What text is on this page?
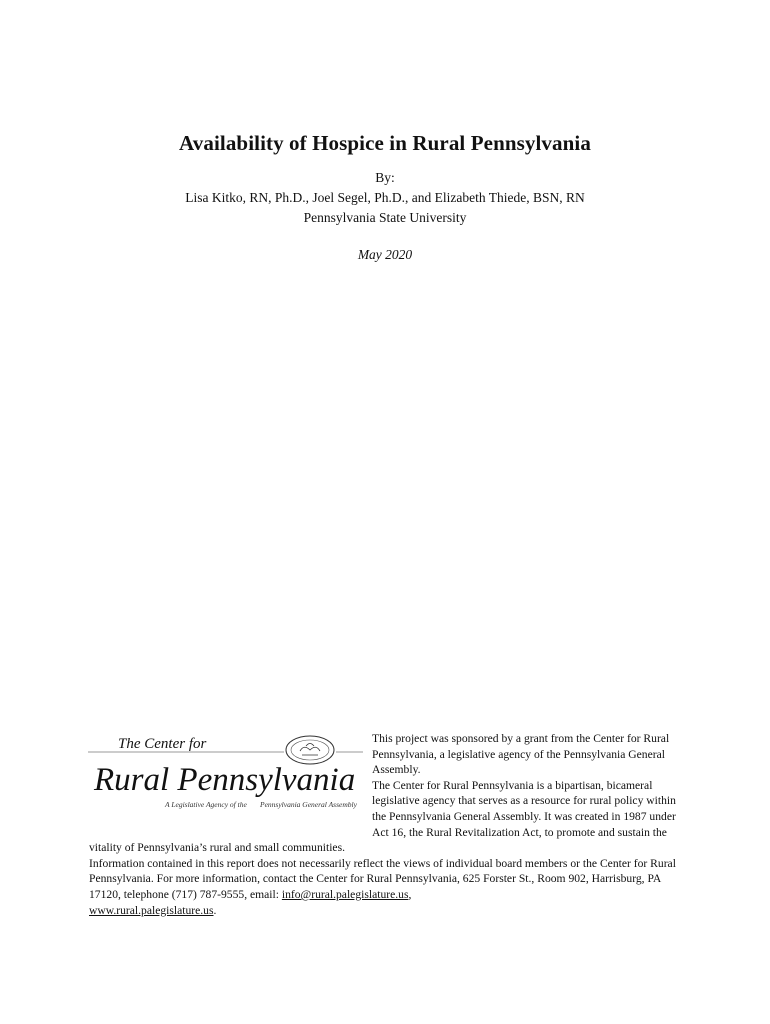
Availability of Hospice in Rural Pennsylvania
By:
Lisa Kitko, RN, Ph.D., Joel Segel, Ph.D., and Elizabeth Thiede, BSN, RN
Pennsylvania State University
May 2020
The Center for
Rural Pennsylvania
A Legislative Agency of the Pennsylvania General Assembly

This project was sponsored by a grant from the Center for Rural Pennsylvania, a legislative agency of the Pennsylvania General Assembly.

The Center for Rural Pennsylvania is a bipartisan, bicameral legislative agency that serves as a resource for rural policy within the Pennsylvania General Assembly. It was created in 1987 under Act 16, the Rural Revitalization Act, to promote and sustain the vitality of Pennsylvania’s rural and small communities.

Information contained in this report does not necessarily reflect the views of individual board members or the Center for Rural Pennsylvania. For more information, contact the Center for Rural Pennsylvania, 625 Forster St., Room 902, Harrisburg, PA 17120, telephone (717) 787-9555, email: info@rural.palegislature.us,
www.rural.palegislature.us.
